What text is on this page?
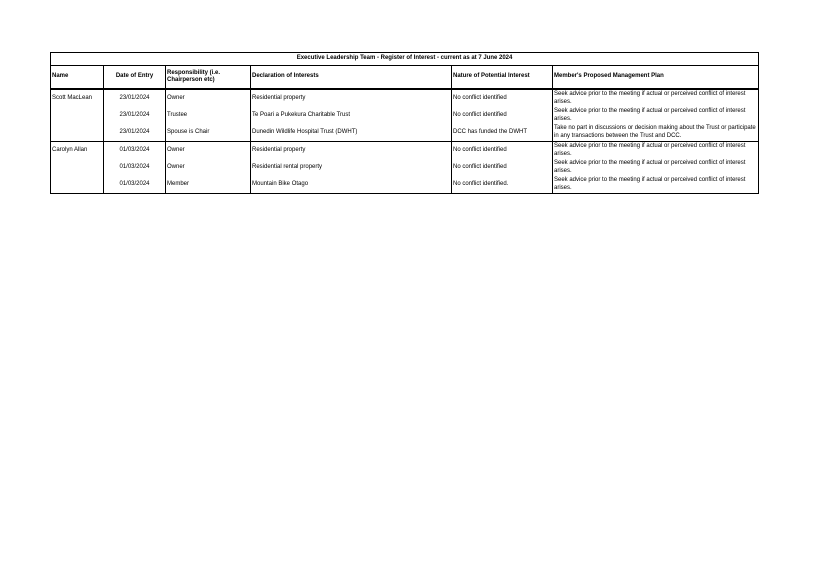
Executive Leadership Team - Register of Interest - current as at 7 June 2024					
Name	Date of Entry	Responsibility (i.e. Chairperson etc)	Declaration of Interests	Nature of Potential Interest	Member's Proposed Management Plan
Scott MacLean	23/01/2024	Owner	Residential property	No conflict identified	Seek advice prior to the meeting if actual or perceived conflict of interest arises.
	23/01/2024	Trustee	Te Poari a Pukekura Charitable Trust	No conflict identified	Seek advice prior to the meeting if actual or perceived conflict of interest arises.
	23/01/2024	Spouse is Chair	Dunedin Wildlife Hospital Trust (DWHT)	DCC has funded the DWHT	Take no part in discussions or decision making about the Trust or participate in any transactions between the Trust and DCC.
Carolyn Allan	01/03/2024	Owner	Residential property	No conflict identified	Seek advice prior to the meeting if actual or perceived conflict of interest arises.
	01/03/2024	Owner	Residential rental property	No conflict identified	Seek advice prior to the meeting if actual or perceived conflict of interest arises.
	01/03/2024	Member	Mountain Bike Otago	No conflict identified.	Seek advice prior to the meeting if actual or perceived conflict of interest arises.
